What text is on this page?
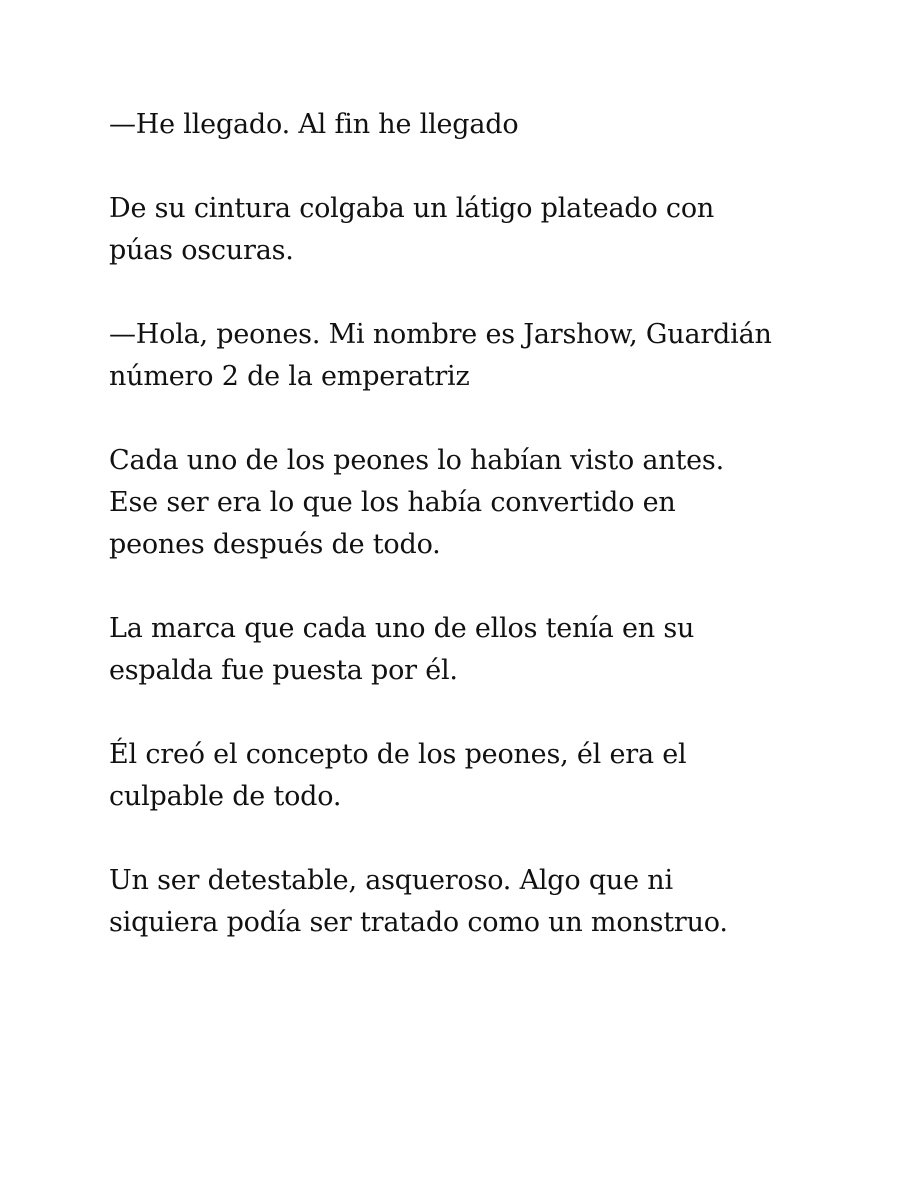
—He llegado. Al fin he llegado

De su cintura colgaba un látigo plateado con
púas oscuras.

—Hola, peones. Mi nombre es Jarshow, Guardián
número 2 de la emperatriz

Cada uno de los peones lo habían visto antes.
Ese ser era lo que los había convertido en
peones después de todo.

La marca que cada uno de ellos tenía en su
espalda fue puesta por él.

Él creó el concepto de los peones, él era el
culpable de todo.

Un ser detestable, asqueroso. Algo que ni
siquiera podía ser tratado como un monstruo.
